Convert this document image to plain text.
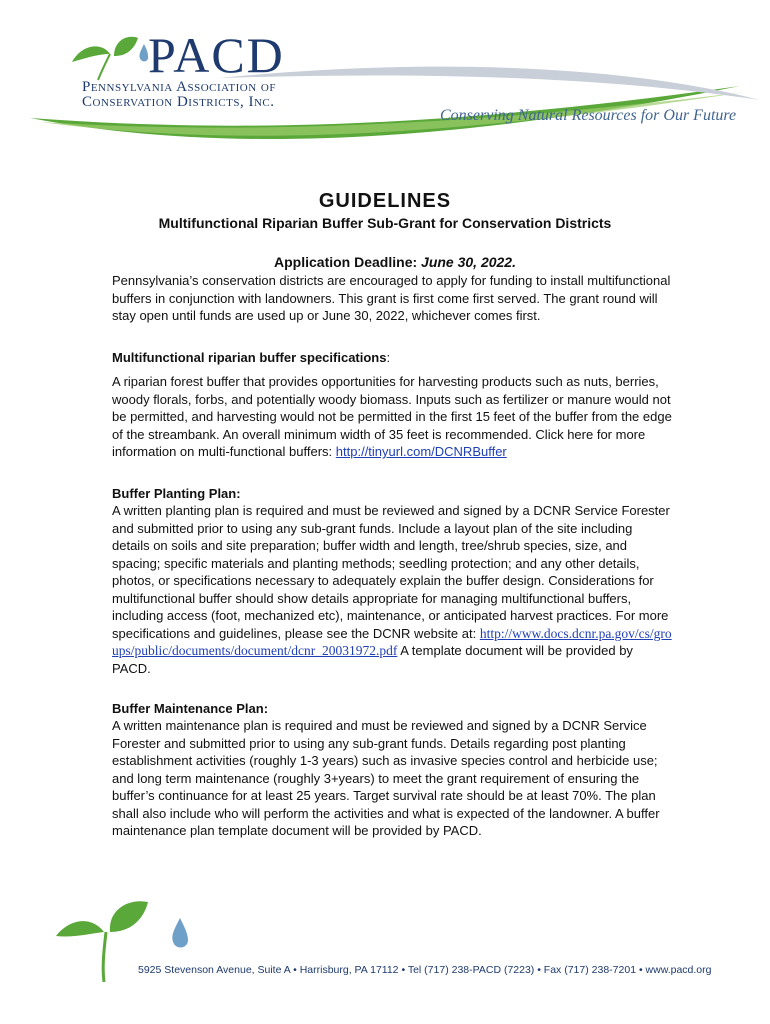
PACD
Pennsylvania Association of
Conservation Districts, Inc.
Conserving Natural Resources for Our Future
GUIDELINES
Multifunctional Riparian Buffer Sub-Grant for Conservation Districts
Application Deadline: June 30, 2022.

Pennsylvania’s conservation districts are encouraged to apply for funding to install multifunctional buffers in conjunction with landowners. This grant is first come first served. The grant round will stay open until funds are used up or June 30, 2022, whichever comes first.

Multifunctional riparian buffer specifications:

A riparian forest buffer that provides opportunities for harvesting products such as nuts, berries, woody florals, forbs, and potentially woody biomass. Inputs such as fertilizer or manure would not be permitted, and harvesting would not be permitted in the first 15 feet of the buffer from the edge of the streambank. An overall minimum width of 35 feet is recommended. Click here for more information on multi-functional buffers: http://tinyurl.com/DCNRBuffer

Buffer Planting Plan:

A written planting plan is required and must be reviewed and signed by a DCNR Service Forester and submitted prior to using any sub-grant funds. Include a layout plan of the site including details on soils and site preparation; buffer width and length, tree/shrub species, size, and spacing; specific materials and planting methods; seedling protection; and any other details, photos, or specifications necessary to adequately explain the buffer design. Considerations for multifunctional buffer should show details appropriate for managing multifunctional buffers, including access (foot, mechanized etc), maintenance, or anticipated harvest practices. For more specifications and guidelines, please see the DCNR website at: http://www.docs.dcnr.pa.gov/cs/groups/public/documents/document/dcnr_20031972.pdf A template document will be provided by PACD.

Buffer Maintenance Plan:

A written maintenance plan is required and must be reviewed and signed by a DCNR Service Forester and submitted prior to using any sub-grant funds. Details regarding post planting establishment activities (roughly 1-3 years) such as invasive species control and herbicide use; and long term maintenance (roughly 3+years) to meet the grant requirement of ensuring the buffer’s continuance for at least 25 years. Target survival rate should be at least 70%. The plan shall also include who will perform the activities and what is expected of the landowner. A buffer maintenance plan template document will be provided by PACD.

5925 Stevenson Avenue, Suite A • Harrisburg, PA 17112 • Tel (717) 238-PACD (7223) • Fax (717) 238-7201 • www.pacd.org
